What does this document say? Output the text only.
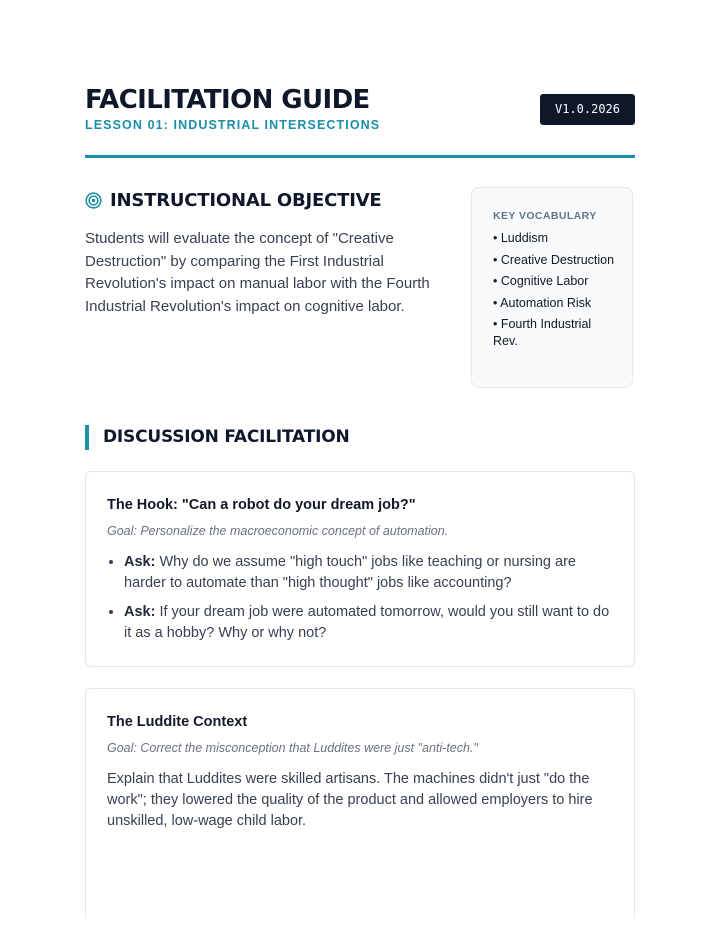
FACILITATION GUIDE
LESSON 01: INDUSTRIAL INTERSECTIONS
V1.0.2026
INSTRUCTIONAL OBJECTIVE
Students will evaluate the concept of "Creative Destruction" by comparing the First Industrial Revolution's impact on manual labor with the Fourth Industrial Revolution's impact on cognitive labor.
KEY VOCABULARY
• Luddism
• Creative Destruction
• Cognitive Labor
• Automation Risk
• Fourth Industrial Rev.
DISCUSSION FACILITATION
The Hook: "Can a robot do your dream job?"
Goal: Personalize the macroeconomic concept of automation.
• Ask: Why do we assume "high touch" jobs like teaching or nursing are harder to automate than "high thought" jobs like accounting?
• Ask: If your dream job were automated tomorrow, would you still want to do it as a hobby? Why or why not?
The Luddite Context
Goal: Correct the misconception that Luddites were just "anti-tech."
Explain that Luddites were skilled artisans. The machines didn't just "do the work"; they lowered the quality of the product and allowed employers to hire unskilled, low-wage child labor.
